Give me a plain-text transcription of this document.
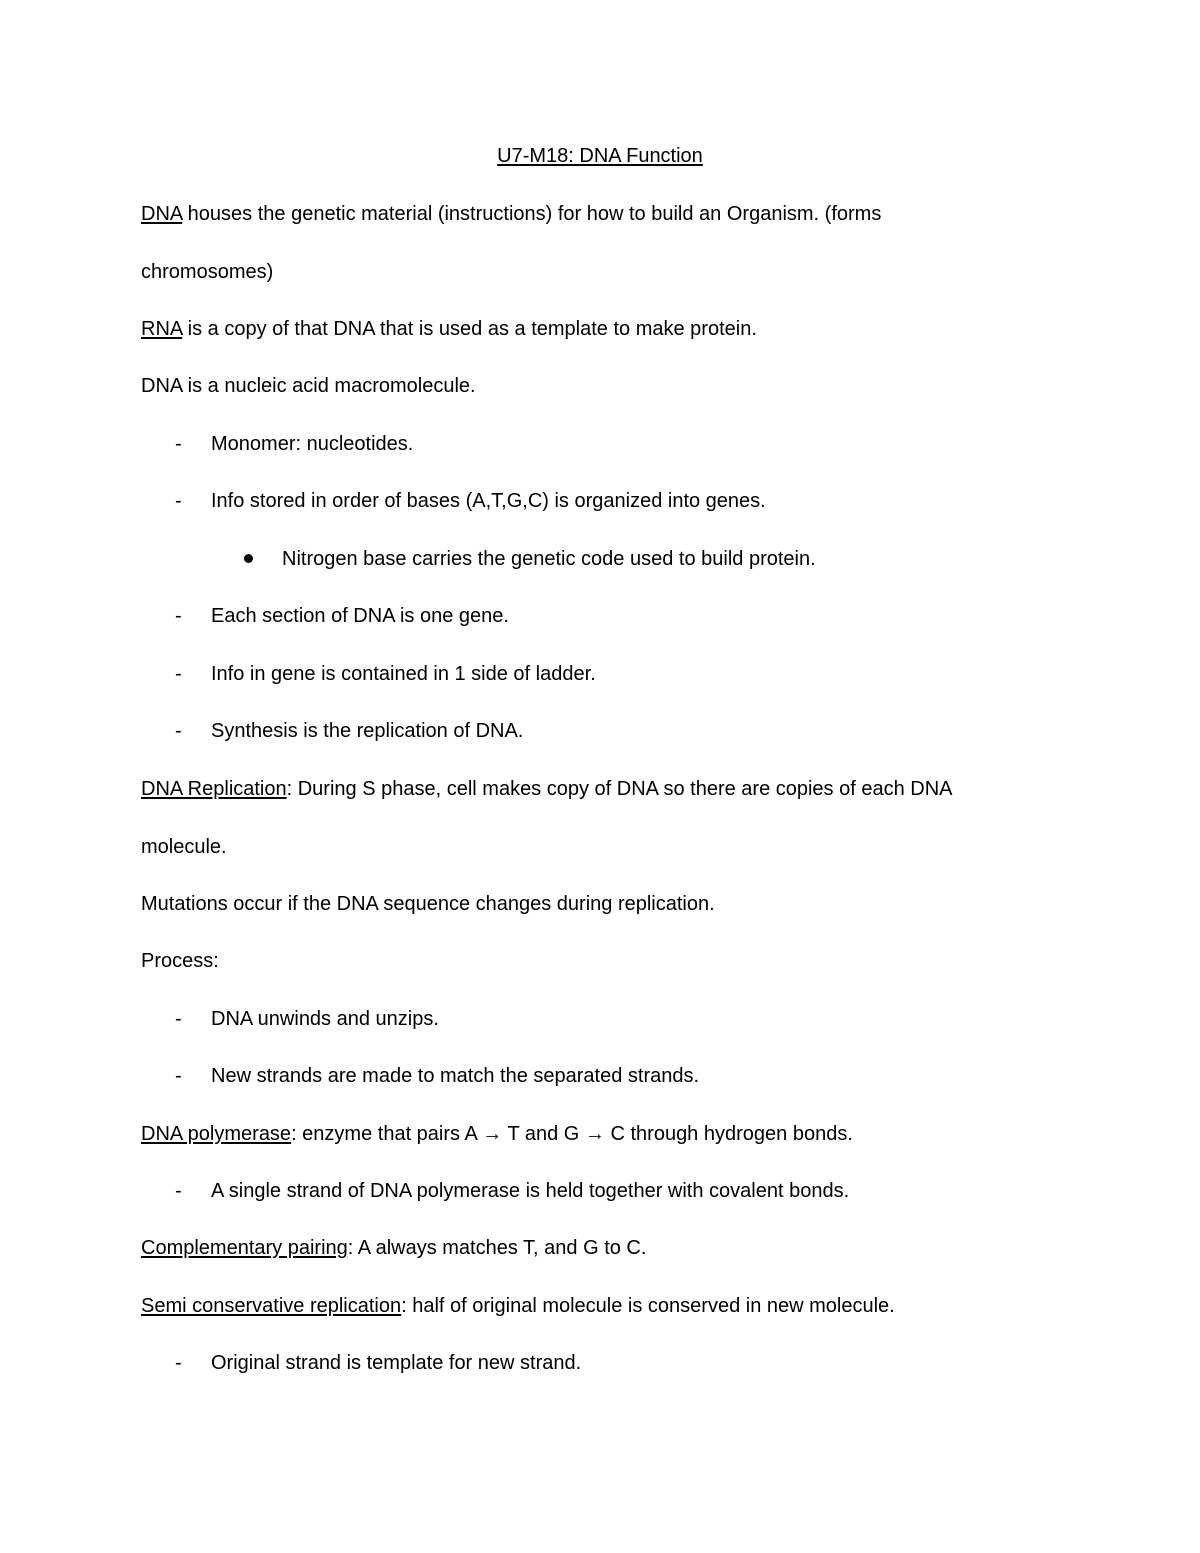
U7-M18: DNA Function
DNA houses the genetic material (instructions) for how to build an Organism. (forms
chromosomes)
RNA is a copy of that DNA that is used as a template to make protein.
DNA is a nucleic acid macromolecule.
- Monomer: nucleotides.
- Info stored in order of bases (A,T,G,C) is organized into genes.
Nitrogen base carries the genetic code used to build protein.
- Each section of DNA is one gene.
- Info in gene is contained in 1 side of ladder.
- Synthesis is the replication of DNA.
DNA Replication: During S phase, cell makes copy of DNA so there are copies of each DNA
molecule.
Mutations occur if the DNA sequence changes during replication.
Process:
- DNA unwinds and unzips.
- New strands are made to match the separated strands.
DNA polymerase: enzyme that pairs A → T and G → C through hydrogen bonds.
- A single strand of DNA polymerase is held together with covalent bonds.
Complementary pairing: A always matches T, and G to C.
Semi conservative replication: half of original molecule is conserved in new molecule.
- Original strand is template for new strand.
